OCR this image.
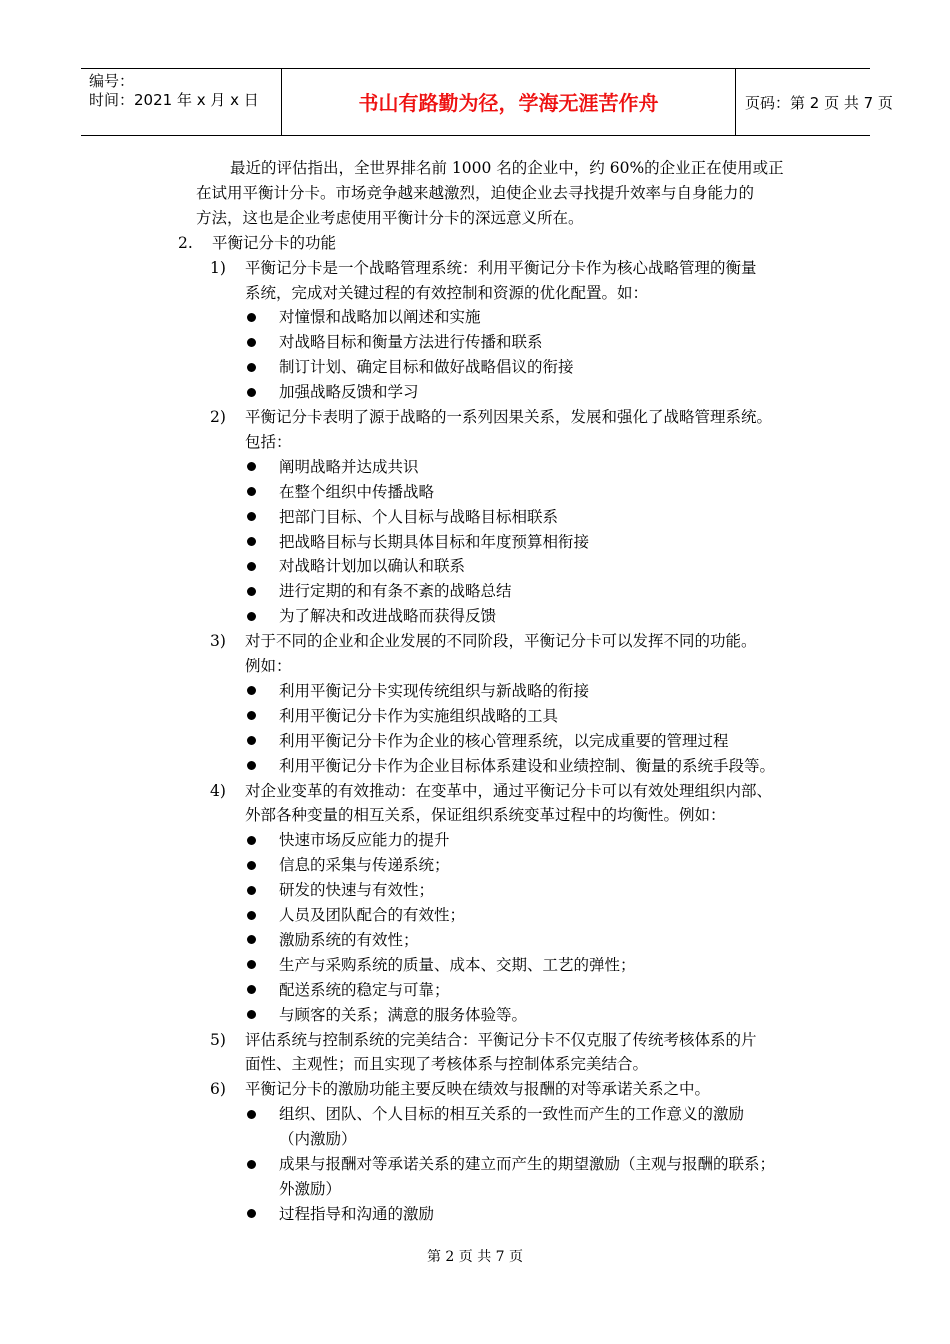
编号：
时间：2021 年 x 月 x 日	书山有路勤为径，学海无涯苦作舟	页码：第 2 页 共 7 页
最近的评估指出，全世界排名前 1000 名的企业中，约 60%的企业正在使用或正
在试用平衡计分卡。市场竞争越来越激烈，迫使企业去寻找提升效率与自身能力的
方法，这也是企业考虑使用平衡计分卡的深远意义所在。
2. 平衡记分卡的功能
1) 平衡记分卡是一个战略管理系统：利用平衡记分卡作为核心战略管理的衡量
系统，完成对关键过程的有效控制和资源的优化配置。如：
对憧憬和战略加以阐述和实施
对战略目标和衡量方法进行传播和联系
制订计划、确定目标和做好战略倡议的衔接
加强战略反馈和学习
2) 平衡记分卡表明了源于战略的一系列因果关系，发展和强化了战略管理系统。
包括：
阐明战略并达成共识
在整个组织中传播战略
把部门目标、个人目标与战略目标相联系
把战略目标与长期具体目标和年度预算相衔接
对战略计划加以确认和联系
进行定期的和有条不紊的战略总结
为了解决和改进战略而获得反馈
3) 对于不同的企业和企业发展的不同阶段，平衡记分卡可以发挥不同的功能。
例如：
利用平衡记分卡实现传统组织与新战略的衔接
利用平衡记分卡作为实施组织战略的工具
利用平衡记分卡作为企业的核心管理系统，以完成重要的管理过程
利用平衡记分卡作为企业目标体系建设和业绩控制、衡量的系统手段等。
4) 对企业变革的有效推动：在变革中，通过平衡记分卡可以有效处理组织内部、
外部各种变量的相互关系，保证组织系统变革过程中的均衡性。例如：
快速市场反应能力的提升
信息的采集与传递系统；
研发的快速与有效性；
人员及团队配合的有效性；
激励系统的有效性；
生产与采购系统的质量、成本、交期、工艺的弹性；
配送系统的稳定与可靠；
与顾客的关系；满意的服务体验等。
5) 评估系统与控制系统的完美结合：平衡记分卡不仅克服了传统考核体系的片
面性、主观性；而且实现了考核体系与控制体系完美结合。
6) 平衡记分卡的激励功能主要反映在绩效与报酬的对等承诺关系之中。
组织、团队、个人目标的相互关系的一致性而产生的工作意义的激励
（内激励）
成果与报酬对等承诺关系的建立而产生的期望激励（主观与报酬的联系；
外激励）
过程指导和沟通的激励
第 2 页 共 7 页
